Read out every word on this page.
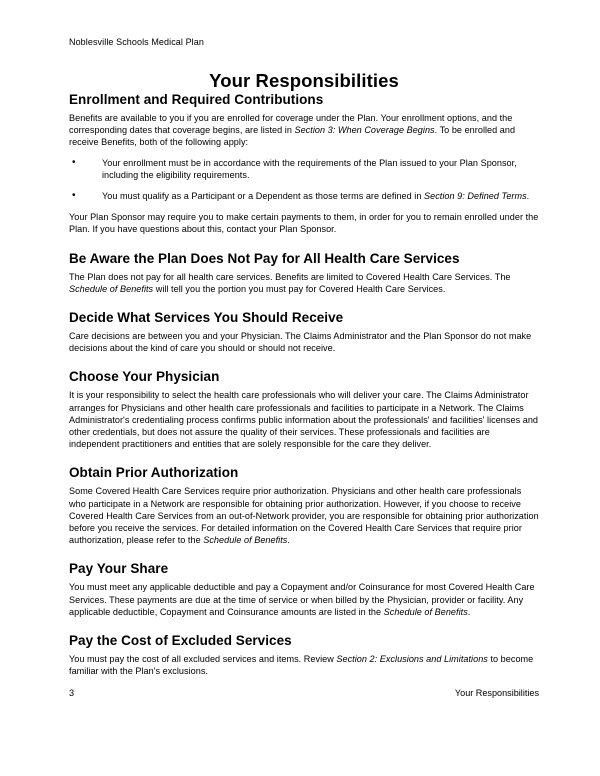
Noblesville Schools Medical Plan
Your Responsibilities
Enrollment and Required Contributions

Benefits are available to you if you are enrolled for coverage under the Plan. Your enrollment options, and the corresponding dates that coverage begins, are listed in Section 3: When Coverage Begins. To be enrolled and receive Benefits, both of the following apply:

•	Your enrollment must be in accordance with the requirements of the Plan issued to your Plan Sponsor, including the eligibility requirements.
•	You must qualify as a Participant or a Dependent as those terms are defined in Section 9: Defined Terms.

Your Plan Sponsor may require you to make certain payments to them, in order for you to remain enrolled under the Plan. If you have questions about this, contact your Plan Sponsor.

Be Aware the Plan Does Not Pay for All Health Care Services

The Plan does not pay for all health care services. Benefits are limited to Covered Health Care Services. The Schedule of Benefits will tell you the portion you must pay for Covered Health Care Services.

Decide What Services You Should Receive

Care decisions are between you and your Physician. The Claims Administrator and the Plan Sponsor do not make decisions about the kind of care you should or should not receive.

Choose Your Physician

It is your responsibility to select the health care professionals who will deliver your care. The Claims Administrator arranges for Physicians and other health care professionals and facilities to participate in a Network. The Claims Administrator's credentialing process confirms public information about the professionals' and facilities' licenses and other credentials, but does not assure the quality of their services. These professionals and facilities are independent practitioners and entities that are solely responsible for the care they deliver.

Obtain Prior Authorization

Some Covered Health Care Services require prior authorization. Physicians and other health care professionals who participate in a Network are responsible for obtaining prior authorization. However, if you choose to receive Covered Health Care Services from an out-of-Network provider, you are responsible for obtaining prior authorization before you receive the services. For detailed information on the Covered Health Care Services that require prior authorization, please refer to the Schedule of Benefits.

Pay Your Share

You must meet any applicable deductible and pay a Copayment and/or Coinsurance for most Covered Health Care Services. These payments are due at the time of service or when billed by the Physician, provider or facility. Any applicable deductible, Copayment and Coinsurance amounts are listed in the Schedule of Benefits.

Pay the Cost of Excluded Services

You must pay the cost of all excluded services and items. Review Section 2: Exclusions and Limitations to become familiar with the Plan's exclusions.

3	Your Responsibilities
